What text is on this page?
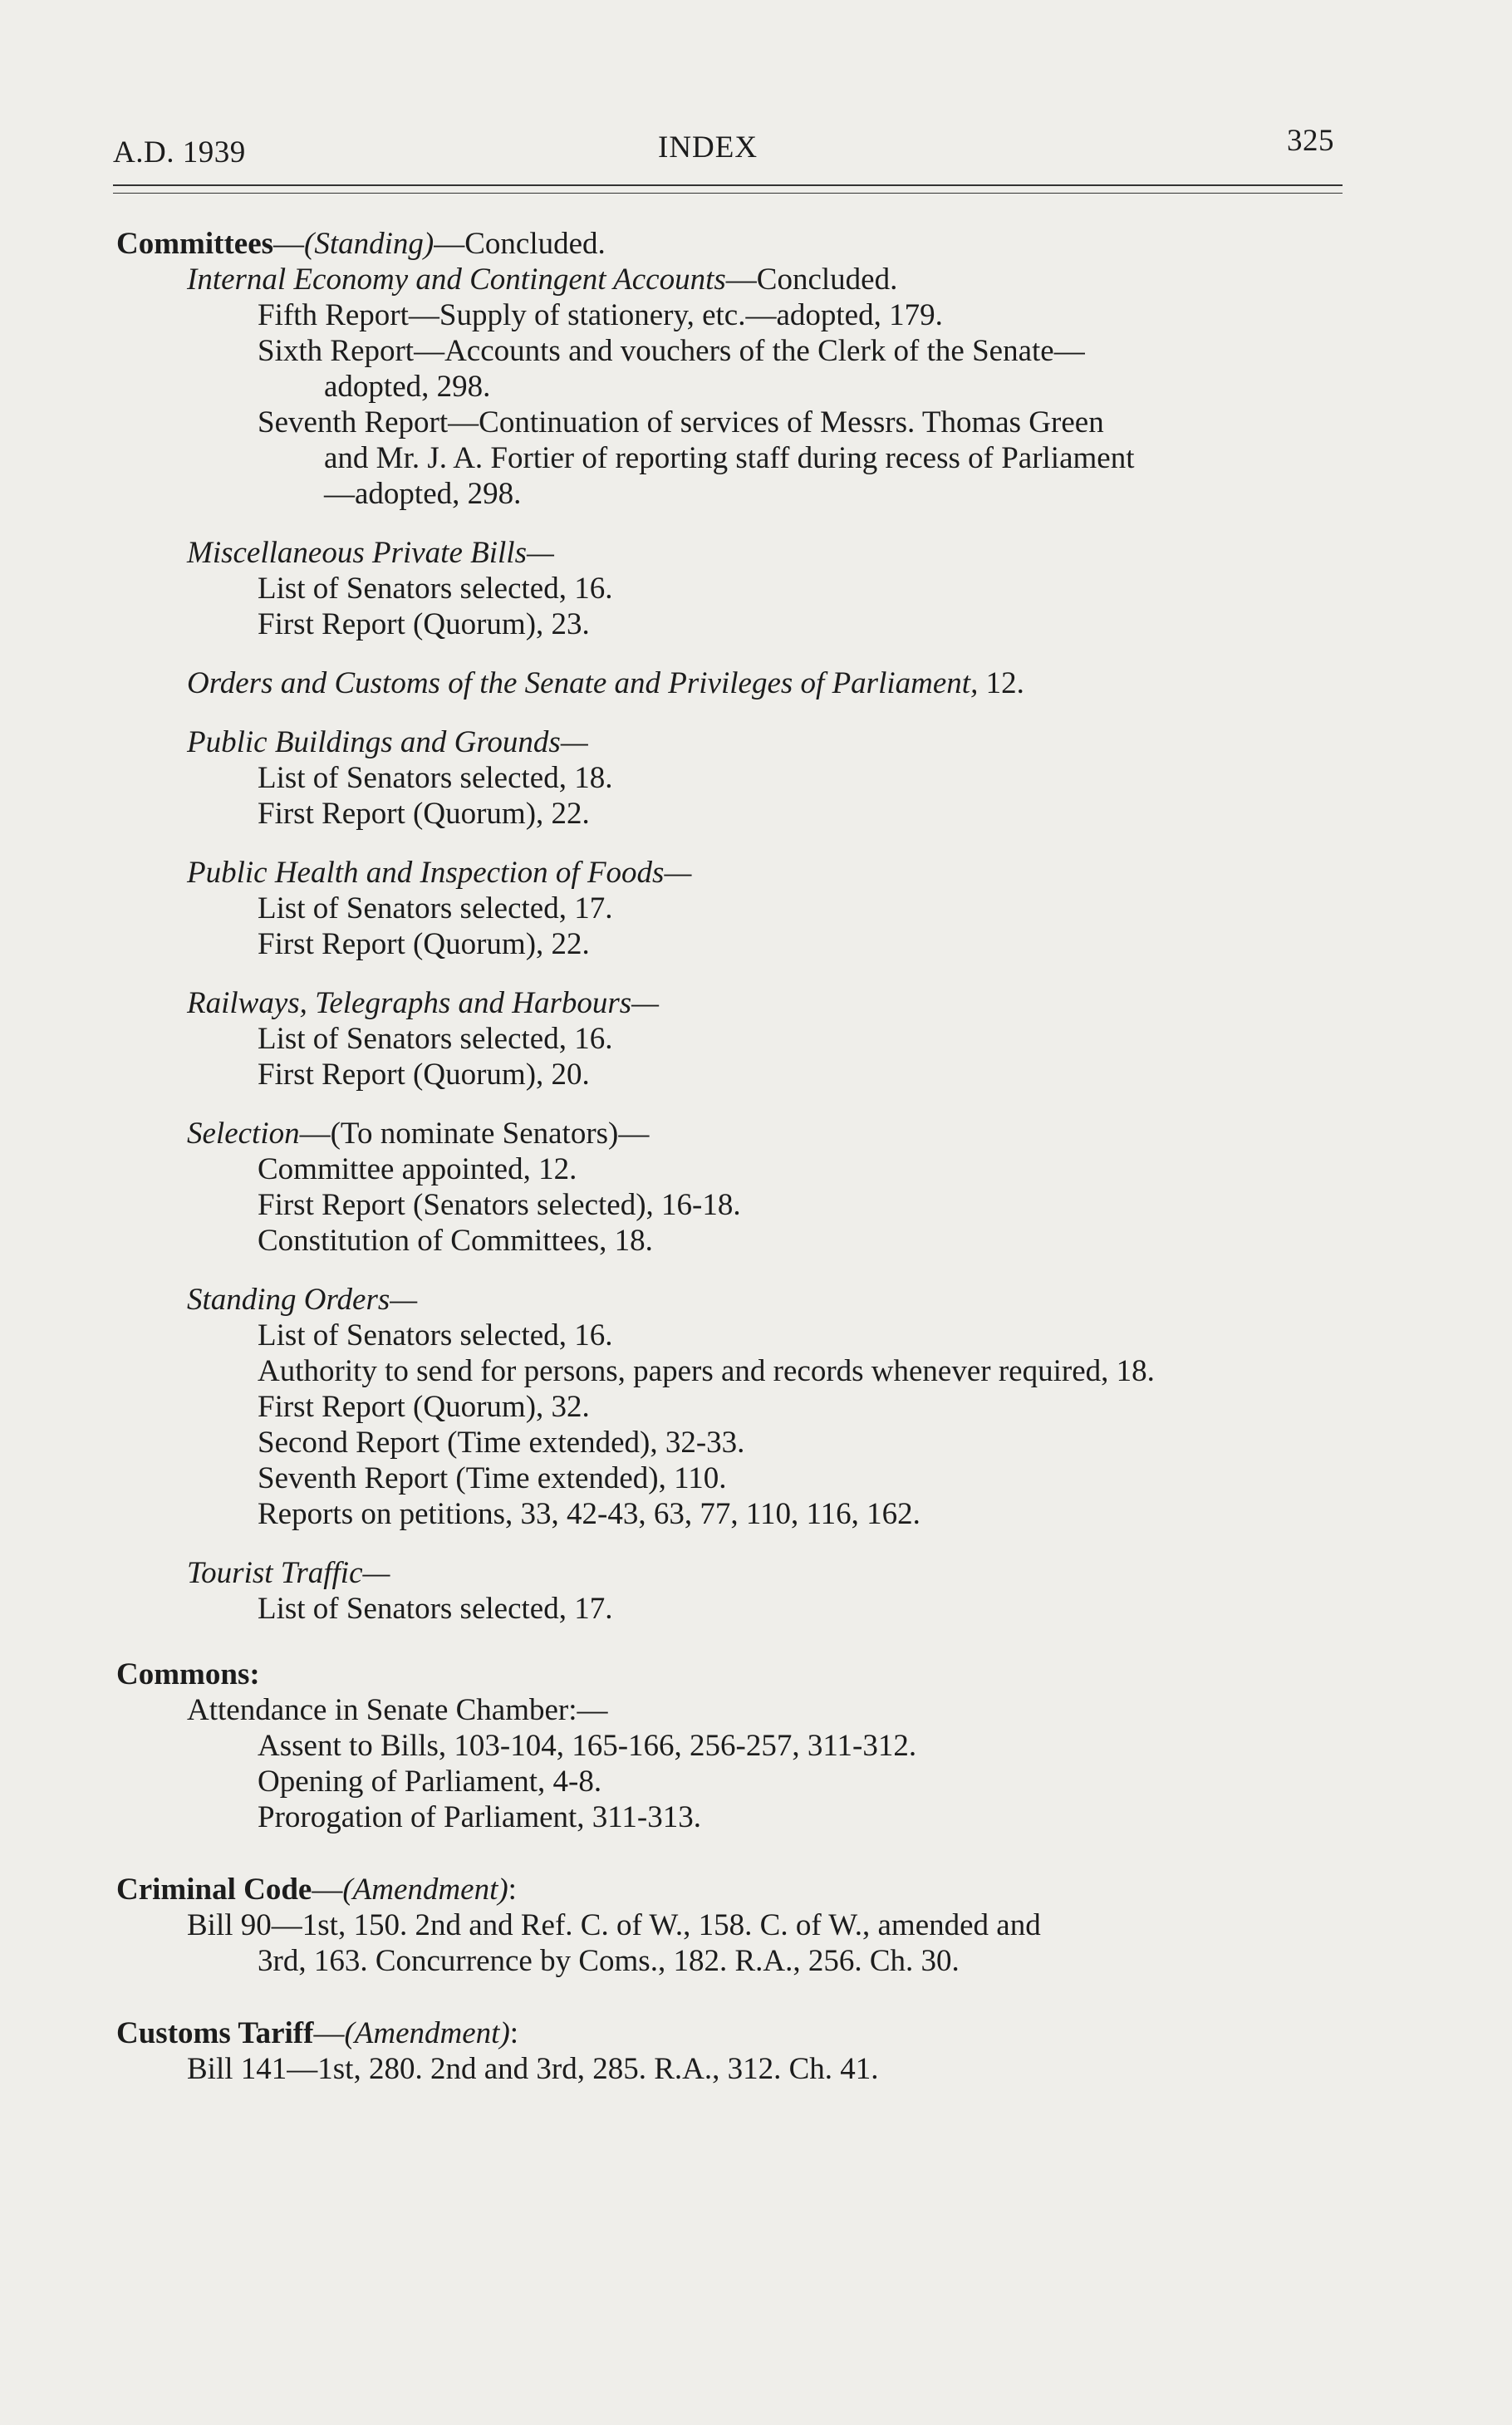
A.D. 1939	INDEX	325
Committees—(Standing)—Concluded.
Internal Economy and Contingent Accounts—Concluded.
Fifth Report—Supply of stationery, etc.—adopted, 179.
Sixth Report—Accounts and vouchers of the Clerk of the Senate—
adopted, 298.
Seventh Report—Continuation of services of Messrs. Thomas Green
and Mr. J. A. Fortier of reporting staff during recess of Parliament
—adopted, 298.
Miscellaneous Private Bills—
List of Senators selected, 16.
First Report (Quorum), 23.
Orders and Customs of the Senate and Privileges of Parliament, 12.
Public Buildings and Grounds—
List of Senators selected, 18.
First Report (Quorum), 22.
Public Health and Inspection of Foods—
List of Senators selected, 17.
First Report (Quorum), 22.
Railways, Telegraphs and Harbours—
List of Senators selected, 16.
First Report (Quorum), 20.
Selection—(To nominate Senators)—
Committee appointed, 12.
First Report (Senators selected), 16-18.
Constitution of Committees, 18.
Standing Orders—
List of Senators selected, 16.
Authority to send for persons, papers and records whenever required, 18.
First Report (Quorum), 32.
Second Report (Time extended), 32-33.
Seventh Report (Time extended), 110.
Reports on petitions, 33, 42-43, 63, 77, 110, 116, 162.
Tourist Traffic—
List of Senators selected, 17.
Commons:
Attendance in Senate Chamber:—
Assent to Bills, 103-104, 165-166, 256-257, 311-312.
Opening of Parliament, 4-8.
Prorogation of Parliament, 311-313.
Criminal Code—(Amendment):
Bill 90—1st, 150. 2nd and Ref. C. of W., 158. C. of W., amended and
3rd, 163. Concurrence by Coms., 182. R.A., 256. Ch. 30.
Customs Tariff—(Amendment):
Bill 141—1st, 280. 2nd and 3rd, 285. R.A., 312. Ch. 41.
